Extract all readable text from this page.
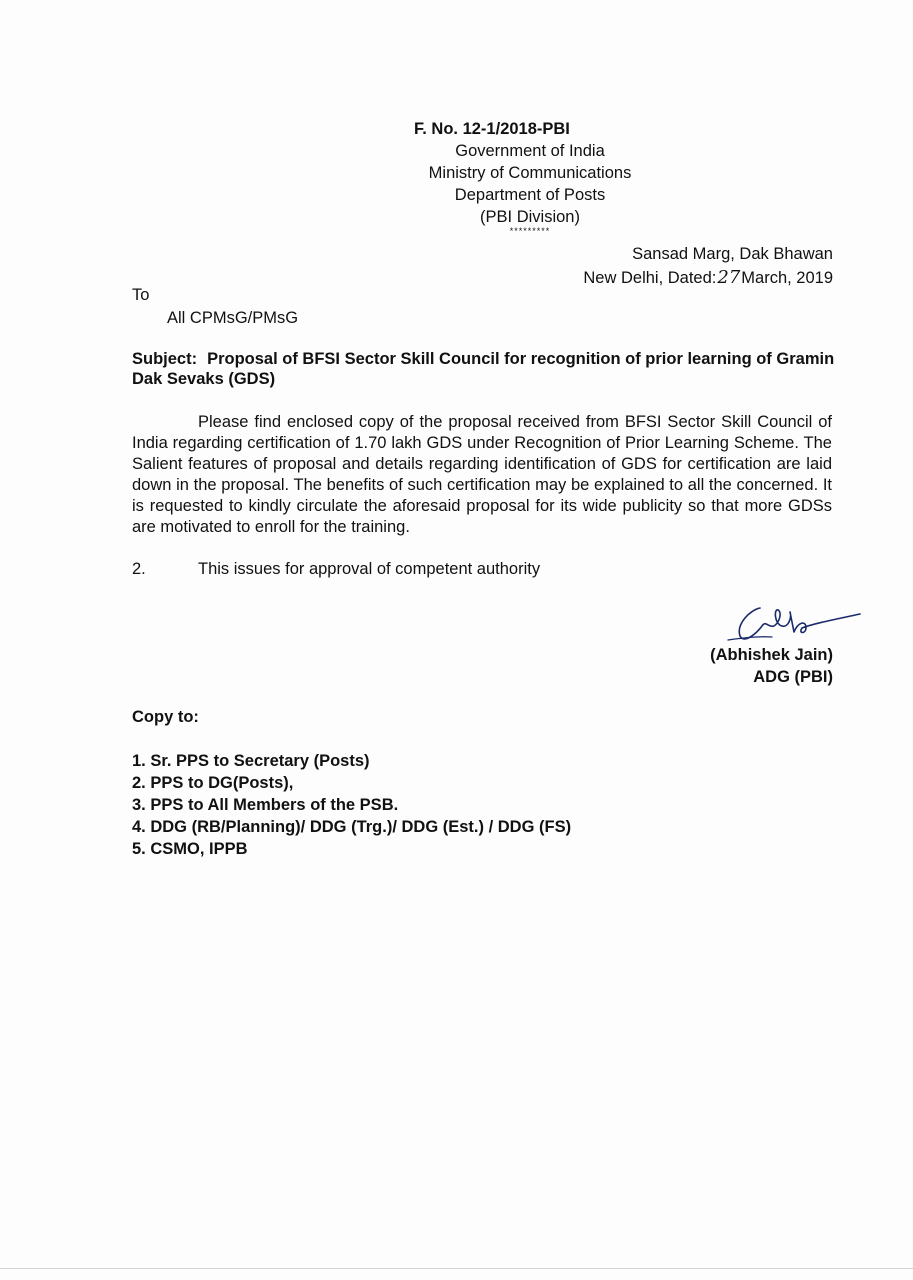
F. No. 12-1/2018-PBI
Government of India
Ministry of Communications
Department of Posts
(PBI Division)
*********
Sansad Marg, Dak Bhawan
New Delhi, Dated:27March, 2019
To
All CPMsG/PMsG
Subject: Proposal of BFSI Sector Skill Council for recognition of prior learning of Gramin Dak Sevaks (GDS)
Please find enclosed copy of the proposal received from BFSI Sector Skill Council of India regarding certification of 1.70 lakh GDS under Recognition of Prior Learning Scheme. The Salient features of proposal and details regarding identification of GDS for certification are laid down in the proposal. The benefits of such certification may be explained to all the concerned. It is requested to kindly circulate the aforesaid proposal for its wide publicity so that more GDSs are motivated to enroll for the training.
2.	This issues for approval of competent authority
(Abhishek Jain)
ADG (PBI)
Copy to:
1. Sr. PPS to Secretary (Posts)
2. PPS to DG(Posts),
3. PPS to All Members of the PSB.
4. DDG (RB/Planning)/ DDG (Trg.)/ DDG (Est.) / DDG (FS)
5. CSMO, IPPB
